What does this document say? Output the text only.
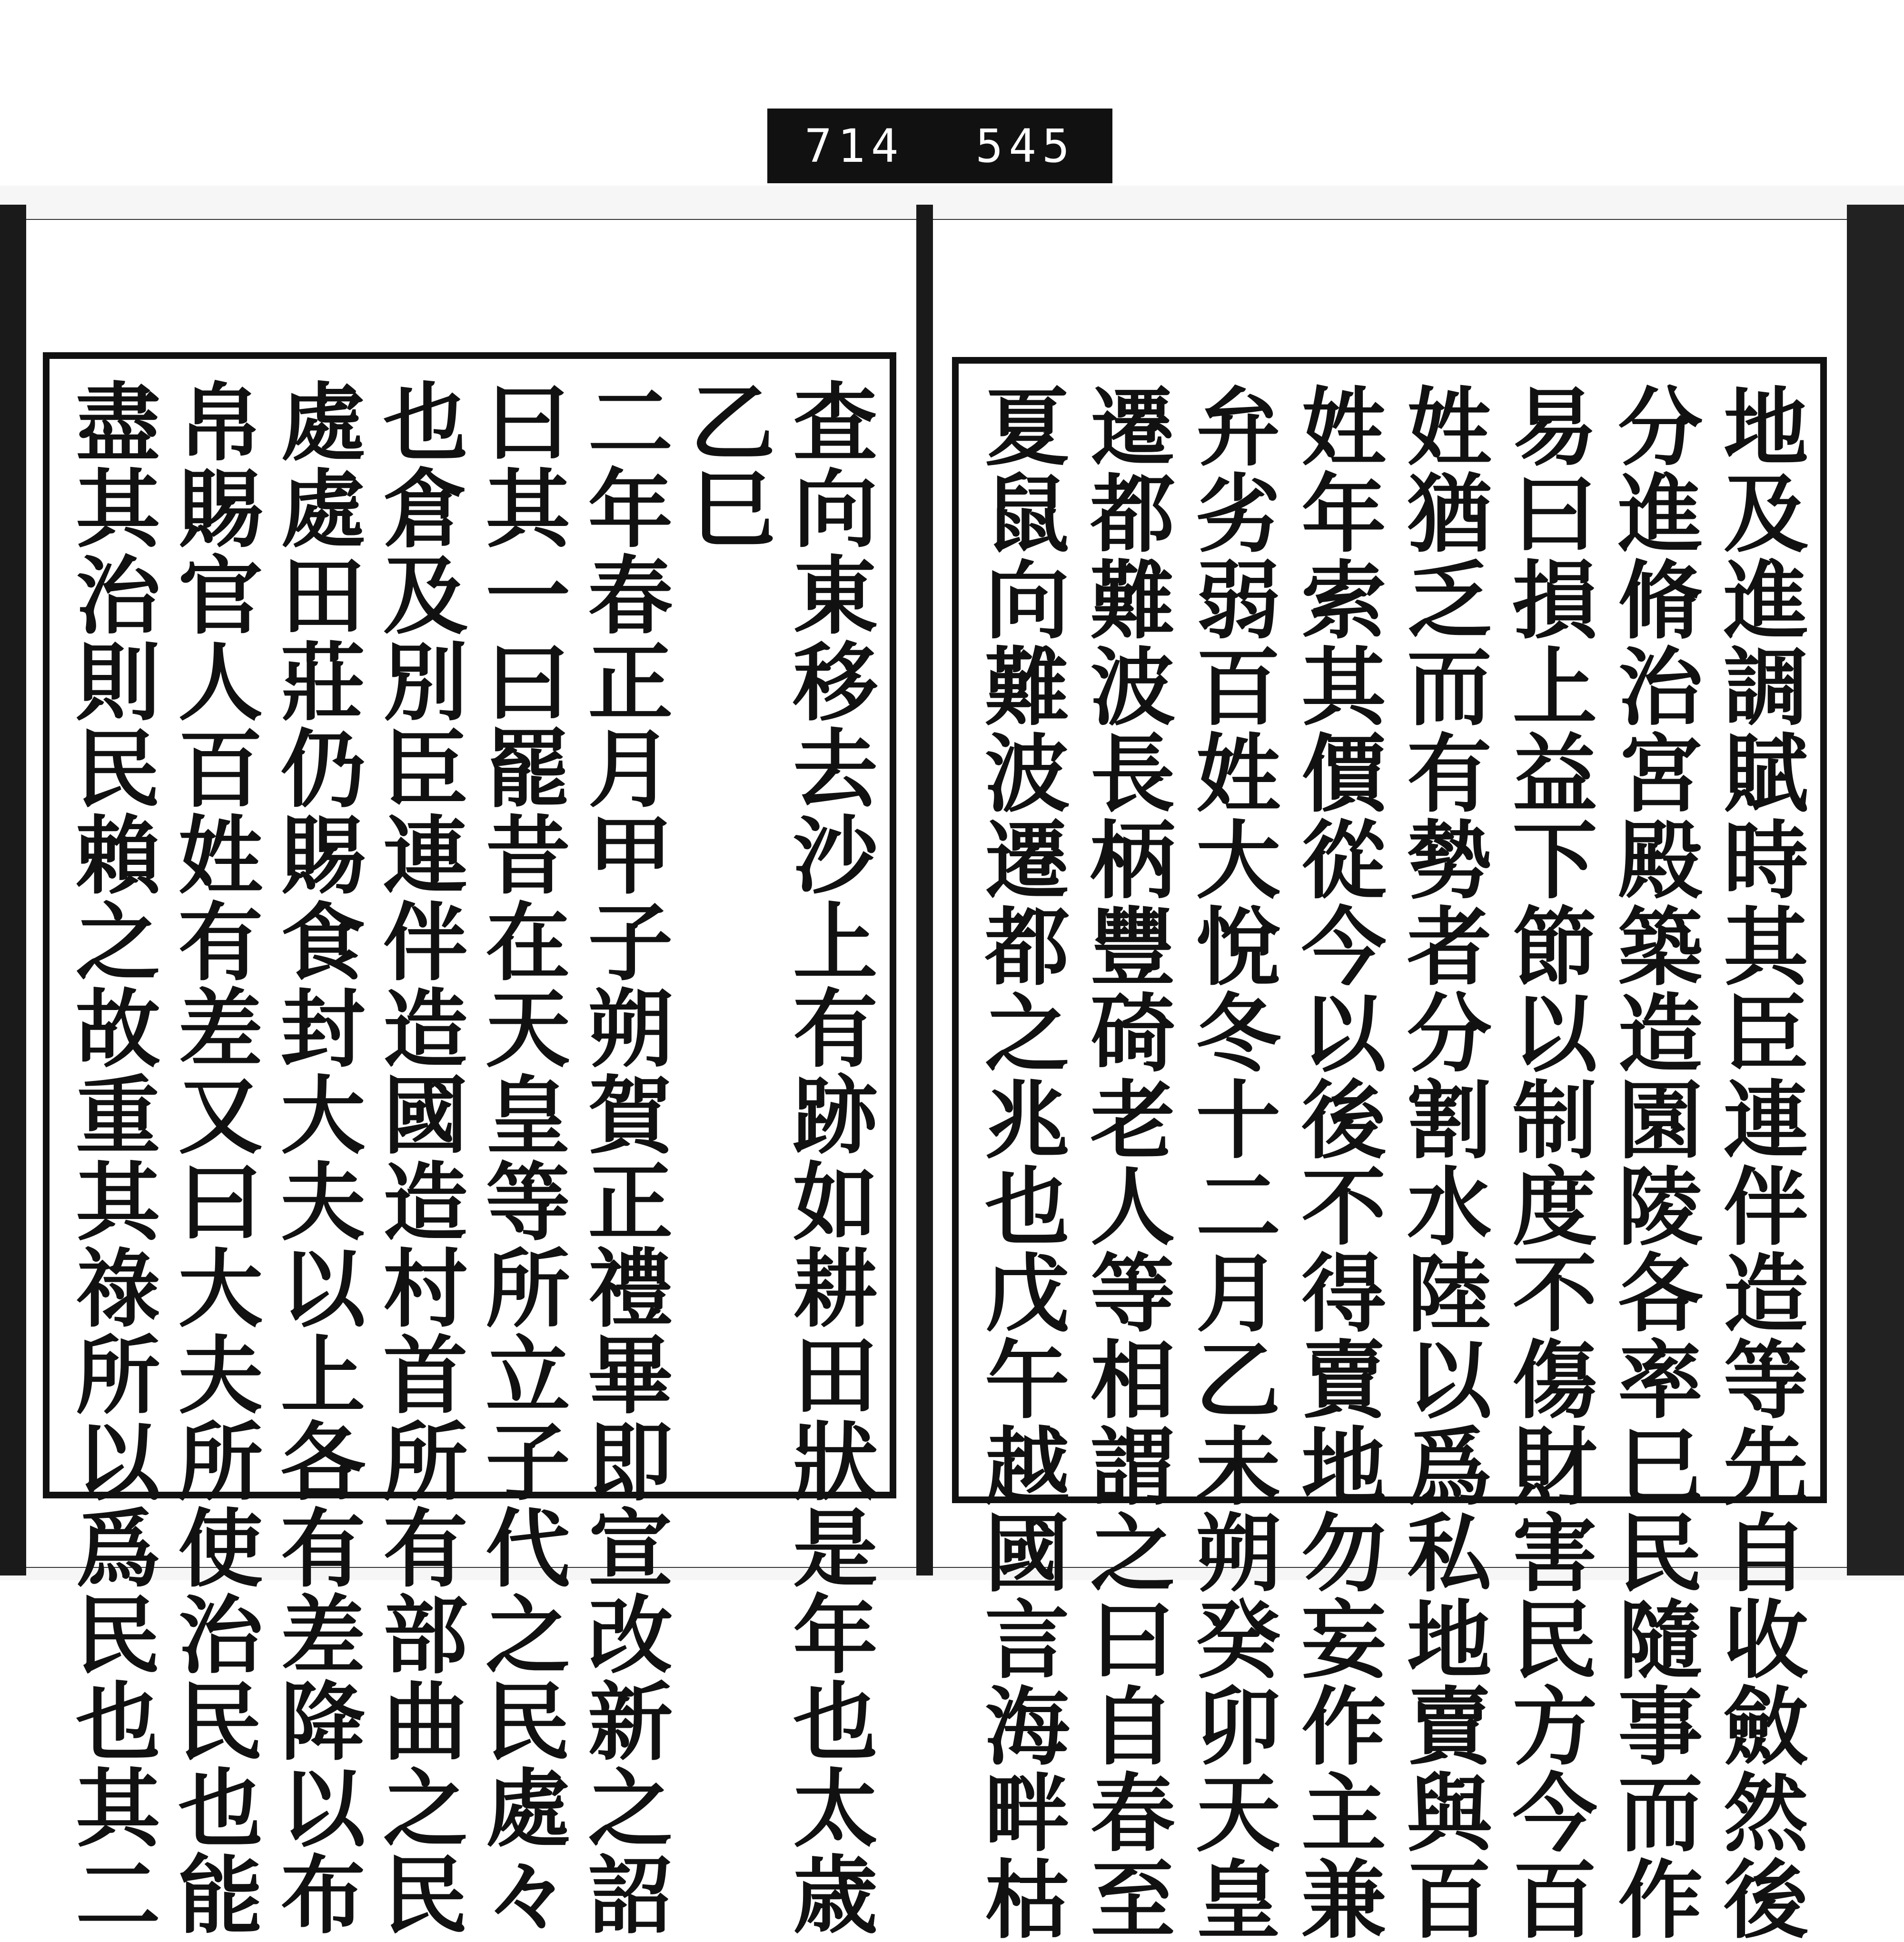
714 545
地及進調賦時其臣連伴造等先自收斂然後
分進脩治宮殿築造園陵各率巳民隨事而作
易曰損上益下節以制度不傷財害民方今百
姓猶乏而有勢者分割水陸以爲私地賣與百
姓年索其價從今以後不得賣地勿妄作主兼
弁劣弱百姓大悅冬十二月乙未朔癸卯天皇
遷都難波長柄豐碕老人等相謂之曰自春至
夏鼠向難波遷都之兆也戊午越國言海畔枯
査向東移去沙上有跡如耕田狀是年也太歳
乙巳
二年春正月甲子朔賀正禮畢即宣改新之詔
曰其一曰罷昔在天皇等所立子代之民處々
也倉及別臣連伴造國造村首所有部曲之民
處處田莊仍賜食封大夫以上各有差降以布
帛賜官人百姓有差又曰大夫所使治民也能
盡其治則民賴之故重其祿所以爲民也其二
